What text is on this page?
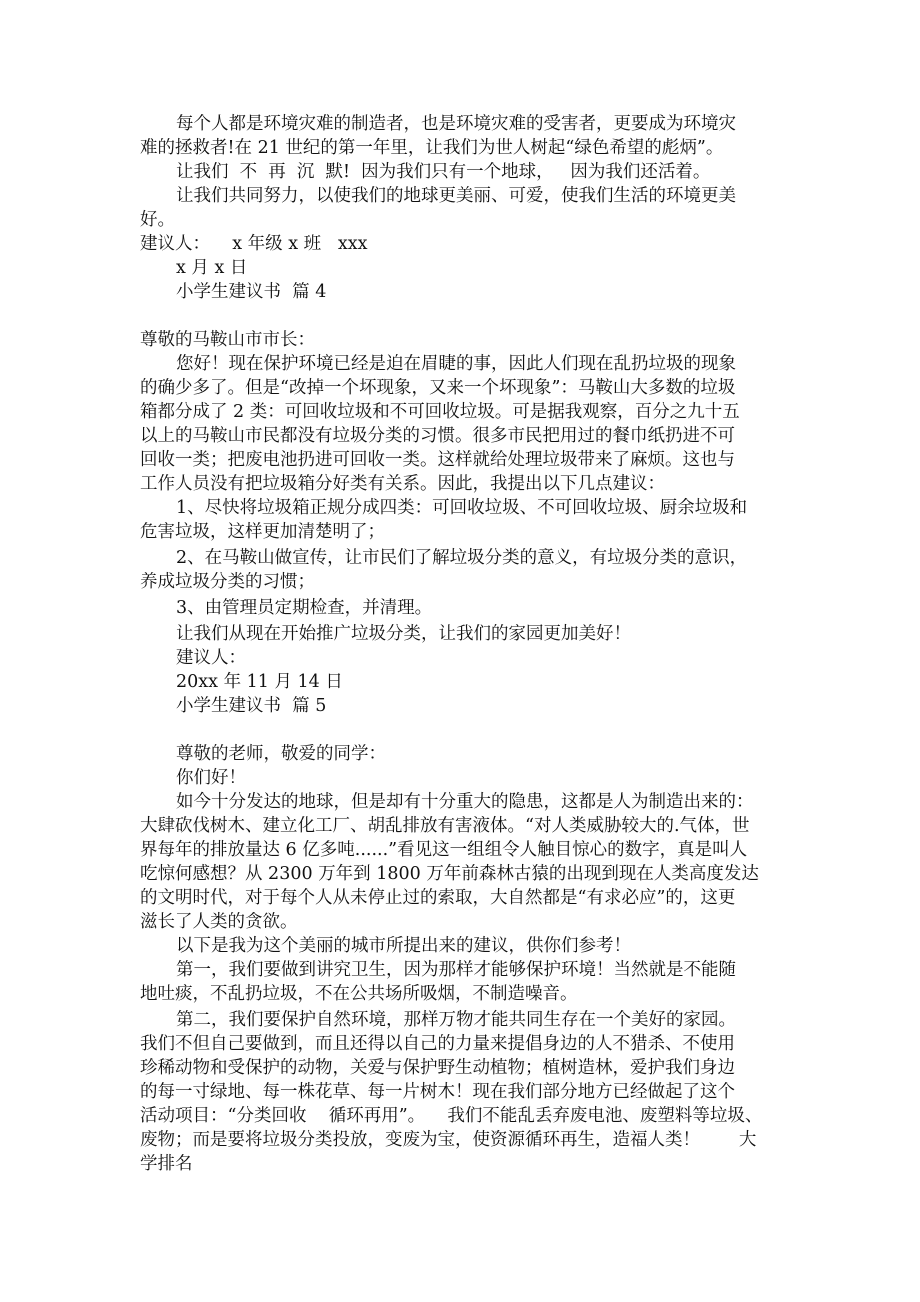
每个人都是环境灾难的制造者，也是环境灾难的受害者，更要成为环境灾
难的拯救者!在 21 世纪的第一年里，让我们为世人树起“绿色希望的彪炳”。
让我们  不  再  沉  默!  因为我们只有一个地球，   因为我们还活着。
让我们共同努力，以使我们的地球更美丽、可爱，使我们生活的环境更美
好。
建议人：    x 年级 x 班   xxx
x 月 x 日
小学生建议书  篇 4
尊敬的马鞍山市市长：
您好！现在保护环境已经是迫在眉睫的事，因此人们现在乱扔垃圾的现象
的确少多了。但是“改掉一个坏现象，又来一个坏现象”：马鞍山大多数的垃圾
箱都分成了 2 类：可回收垃圾和不可回收垃圾。可是据我观察，百分之九十五
以上的马鞍山市民都没有垃圾分类的习惯。很多市民把用过的餐巾纸扔进不可
回收一类；把废电池扔进可回收一类。这样就给处理垃圾带来了麻烦。这也与
工作人员没有把垃圾箱分好类有关系。因此，我提出以下几点建议：
1、尽快将垃圾箱正规分成四类：可回收垃圾、不可回收垃圾、厨余垃圾和
危害垃圾，这样更加清楚明了；
2、在马鞍山做宣传，让市民们了解垃圾分类的意义，有垃圾分类的意识，
养成垃圾分类的习惯；
3、由管理员定期检查，并清理。
让我们从现在开始推广垃圾分类，让我们的家园更加美好！
建议人：
20xx 年 11 月 14 日
小学生建议书  篇 5
尊敬的老师，敬爱的同学：
你们好！
如今十分发达的地球，但是却有十分重大的隐患，这都是人为制造出来的：
大肆砍伐树木、建立化工厂、胡乱排放有害液体。“对人类威胁较大的.气体，世
界每年的排放量达 6 亿多吨......”看见这一组组令人触目惊心的数字，真是叫人
吃惊何感想？从 2300 万年到 1800 万年前森林古猿的出现到现在人类高度发达
的文明时代，对于每个人从未停止过的索取，大自然都是“有求必应”的，这更
滋长了人类的贪欲。
以下是我为这个美丽的城市所提出来的建议，供你们参考！
第一，我们要做到讲究卫生，因为那样才能够保护环境！当然就是不能随
地吐痰，不乱扔垃圾，不在公共场所吸烟，不制造噪音。
第二，我们要保护自然环境，那样万物才能共同生存在一个美好的家园。
我们不但自己要做到，而且还得以自己的力量来提倡身边的人不猎杀、不使用
珍稀动物和受保护的动物，关爱与保护野生动植物；植树造林，爱护我们身边
的每一寸绿地、每一株花草、每一片树木！现在我们部分地方已经做起了这个
活动项目：“分类回收    循环再用”。    我们不能乱丢弃废电池、废塑料等垃圾、
废物；而是要将垃圾分类投放，变废为宝，使资源循环再生，造福人类！       大
学排名
